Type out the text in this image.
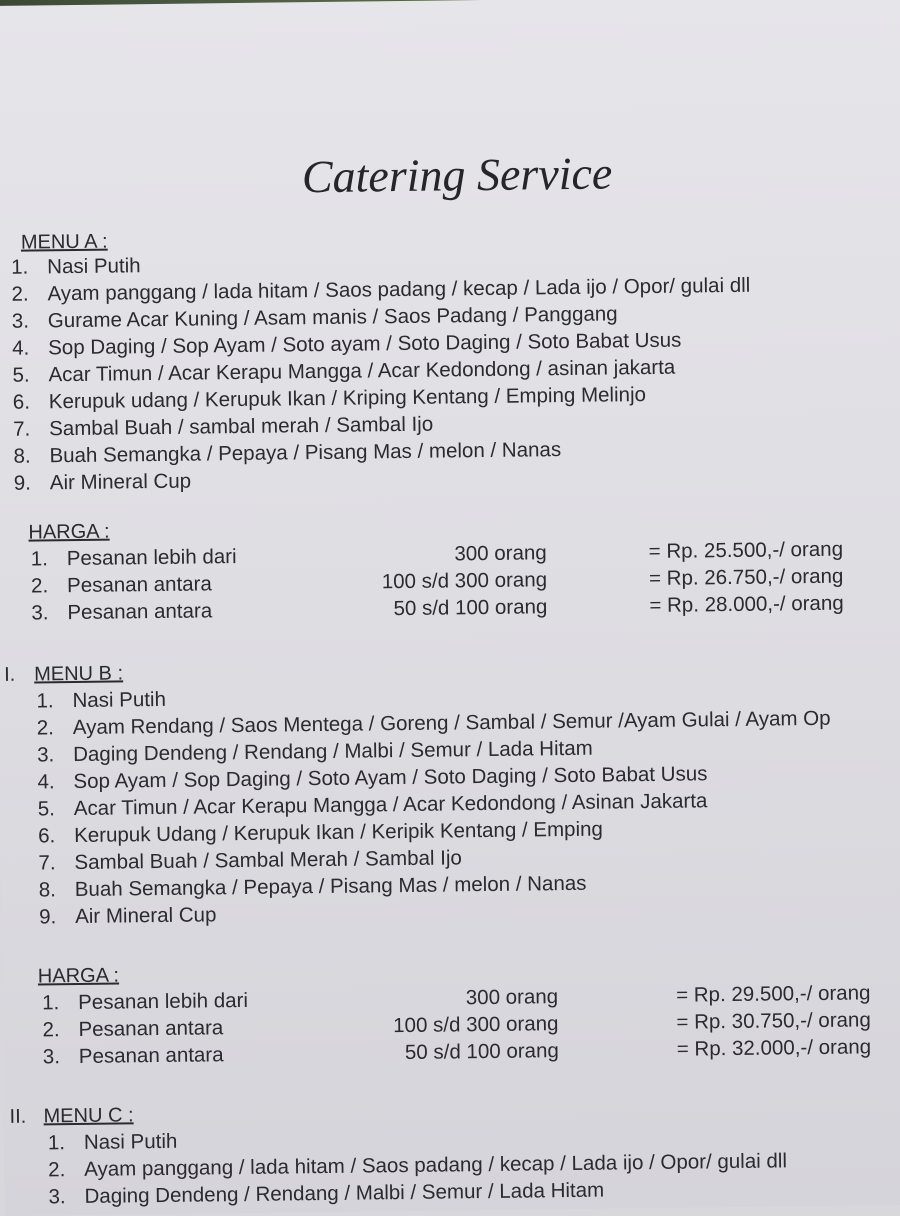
Catering Service
MENU A :
1. Nasi Putih
2. Ayam panggang / lada hitam / Saos padang / kecap / Lada ijo / Opor/ gulai dll
3. Gurame Acar Kuning / Asam manis / Saos Padang / Panggang
4. Sop Daging / Sop Ayam / Soto ayam / Soto Daging / Soto Babat Usus
5. Acar Timun / Acar Kerapu Mangga / Acar Kedondong / asinan jakarta
6. Kerupuk udang / Kerupuk Ikan / Kriping Kentang / Emping Melinjo
7. Sambal Buah / sambal merah / Sambal Ijo
8. Buah Semangka / Pepaya / Pisang Mas / melon / Nanas
9. Air Mineral Cup
HARGA :
1. Pesanan lebih dari	300 orang	= Rp. 25.500,-/ orang
2. Pesanan antara	100 s/d 300 orang	= Rp. 26.750,-/ orang
3. Pesanan antara	50 s/d 100 orang	= Rp. 28.000,-/ orang
I. MENU B :
1. Nasi Putih
2. Ayam Rendang / Saos Mentega / Goreng / Sambal / Semur /Ayam Gulai / Ayam Op
3. Daging Dendeng / Rendang / Malbi / Semur / Lada Hitam
4. Sop Ayam / Sop Daging / Soto Ayam / Soto Daging / Soto Babat Usus
5. Acar Timun / Acar Kerapu Mangga / Acar Kedondong / Asinan Jakarta
6. Kerupuk Udang / Kerupuk Ikan / Keripik Kentang / Emping
7. Sambal Buah / Sambal Merah / Sambal Ijo
8. Buah Semangka / Pepaya / Pisang Mas / melon / Nanas
9. Air Mineral Cup
HARGA :
1. Pesanan lebih dari	300 orang	= Rp. 29.500,-/ orang
2. Pesanan antara	100 s/d 300 orang	= Rp. 30.750,-/ orang
3. Pesanan antara	50 s/d 100 orang	= Rp. 32.000,-/ orang
II. MENU C :
1. Nasi Putih
2. Ayam panggang / lada hitam / Saos padang / kecap / Lada ijo / Opor/ gulai dll
3. Daging Dendeng / Rendang / Malbi / Semur / Lada Hitam
